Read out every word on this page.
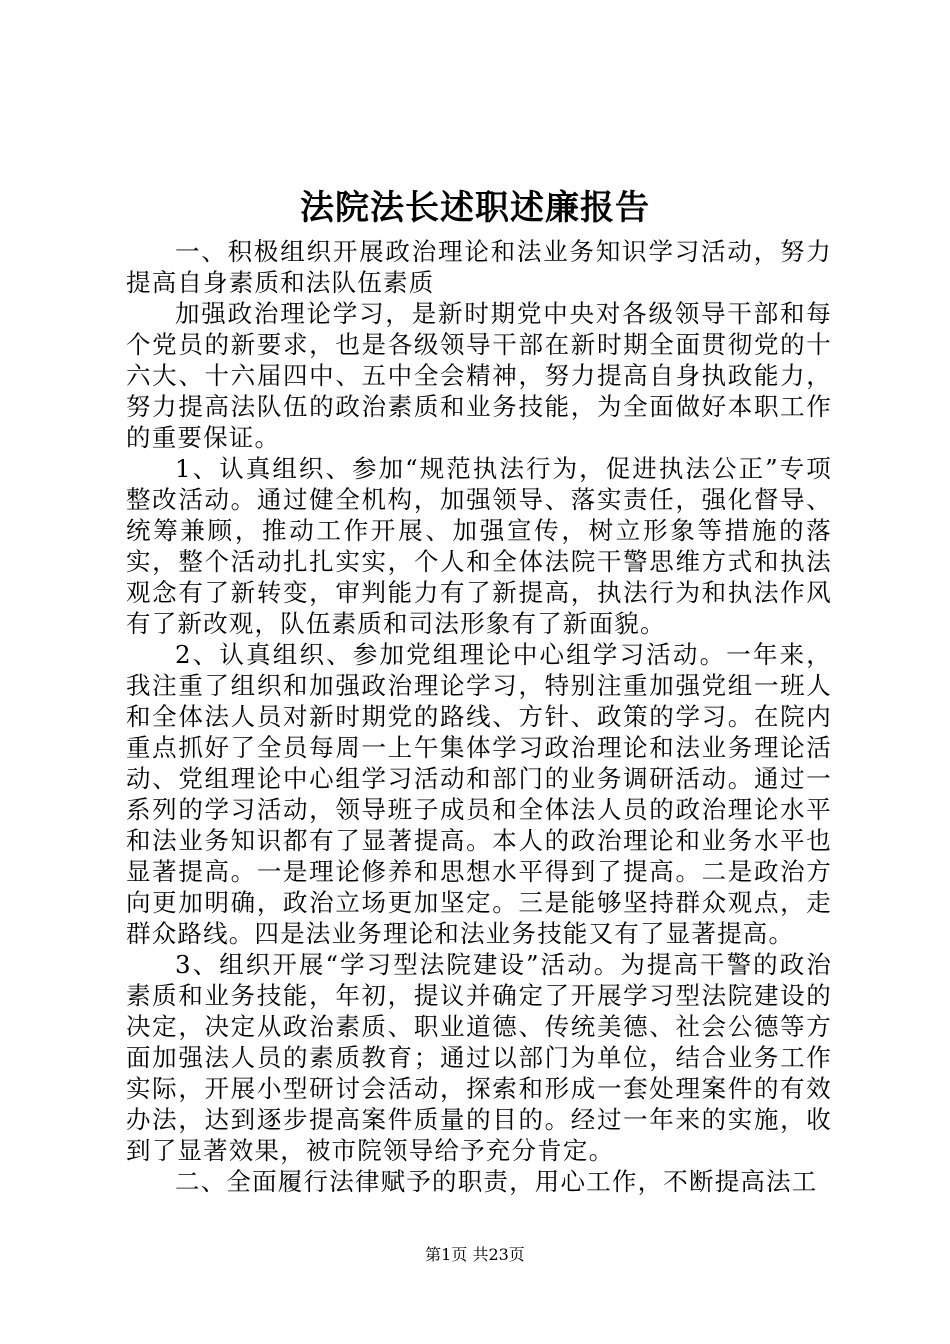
法院法长述职述廉报告

一、积极组织开展政治理论和法业务知识学习活动，努力提高自身素质和法队伍素质

加强政治理论学习，是新时期党中央对各级领导干部和每个党员的新要求，也是各级领导干部在新时期全面贯彻党的十六大、十六届四中、五中全会精神，努力提高自身执政能力，努力提高法队伍的政治素质和业务技能，为全面做好本职工作的重要保证。

1、认真组织、参加“规范执法行为，促进执法公正”专项整改活动。通过健全机构，加强领导、落实责任，强化督导、统筹兼顾，推动工作开展、加强宣传，树立形象等措施的落实，整个活动扎扎实实，个人和全体法院干警思维方式和执法观念有了新转变，审判能力有了新提高，执法行为和执法作风有了新改观，队伍素质和司法形象有了新面貌。

2、认真组织、参加党组理论中心组学习活动。一年来，我注重了组织和加强政治理论学习，特别注重加强党组一班人和全体法人员对新时期党的路线、方针、政策的学习。在院内重点抓好了全员每周一上午集体学习政治理论和法业务理论活动、党组理论中心组学习活动和部门的业务调研活动。通过一系列的学习活动，领导班子成员和全体法人员的政治理论水平和法业务知识都有了显著提高。本人的政治理论和业务水平也显著提高。一是理论修养和思想水平得到了提高。二是政治方向更加明确，政治立场更加坚定。三是能够坚持群众观点，走群众路线。四是法业务理论和法业务技能又有了显著提高。

3、组织开展“学习型法院建设”活动。为提高干警的政治素质和业务技能，年初，提议并确定了开展学习型法院建设的决定，决定从政治素质、职业道德、传统美德、社会公德等方面加强法人员的素质教育；通过以部门为单位，结合业务工作实际，开展小型研讨会活动，探索和形成一套处理案件的有效办法，达到逐步提高案件质量的目的。经过一年来的实施，收到了显著效果，被市院领导给予充分肯定。

二、全面履行法律赋予的职责，用心工作，不断提高法工

第1页 共23页
